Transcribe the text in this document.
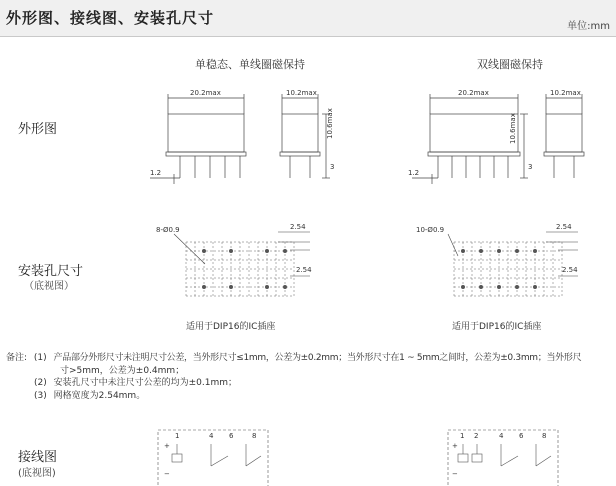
外形图、接线图、安装孔尺寸	单位:mm
单稳态、单线圈磁保持	双线圈磁保持
外形图
安装孔尺寸
（底视图）
接线图
(底视图)
20.2max	10.2max
10.6max
3
1.2
20.2max	10.2max
10.6max
3
1.2
8-Ø0.9	2.54
2.54
适用于DIP16的IC插座
10-Ø0.9	2.54
2.54
适用于DIP16的IC插座
备注: (1) 产品部分外形尺寸未注明尺寸公差，当外形尺寸≤1mm，公差为±0.2mm；当外形尺寸在1 ~ 5mm之间时，公差为±0.3mm；当外形尺
寸>5mm，公差为±0.4mm；
(2) 安装孔尺寸中未注尺寸公差的均为±0.1mm；
(3) 网格宽度为2.54mm。
1	4 6	8
+
−
1 2	4 6	8
+
−
